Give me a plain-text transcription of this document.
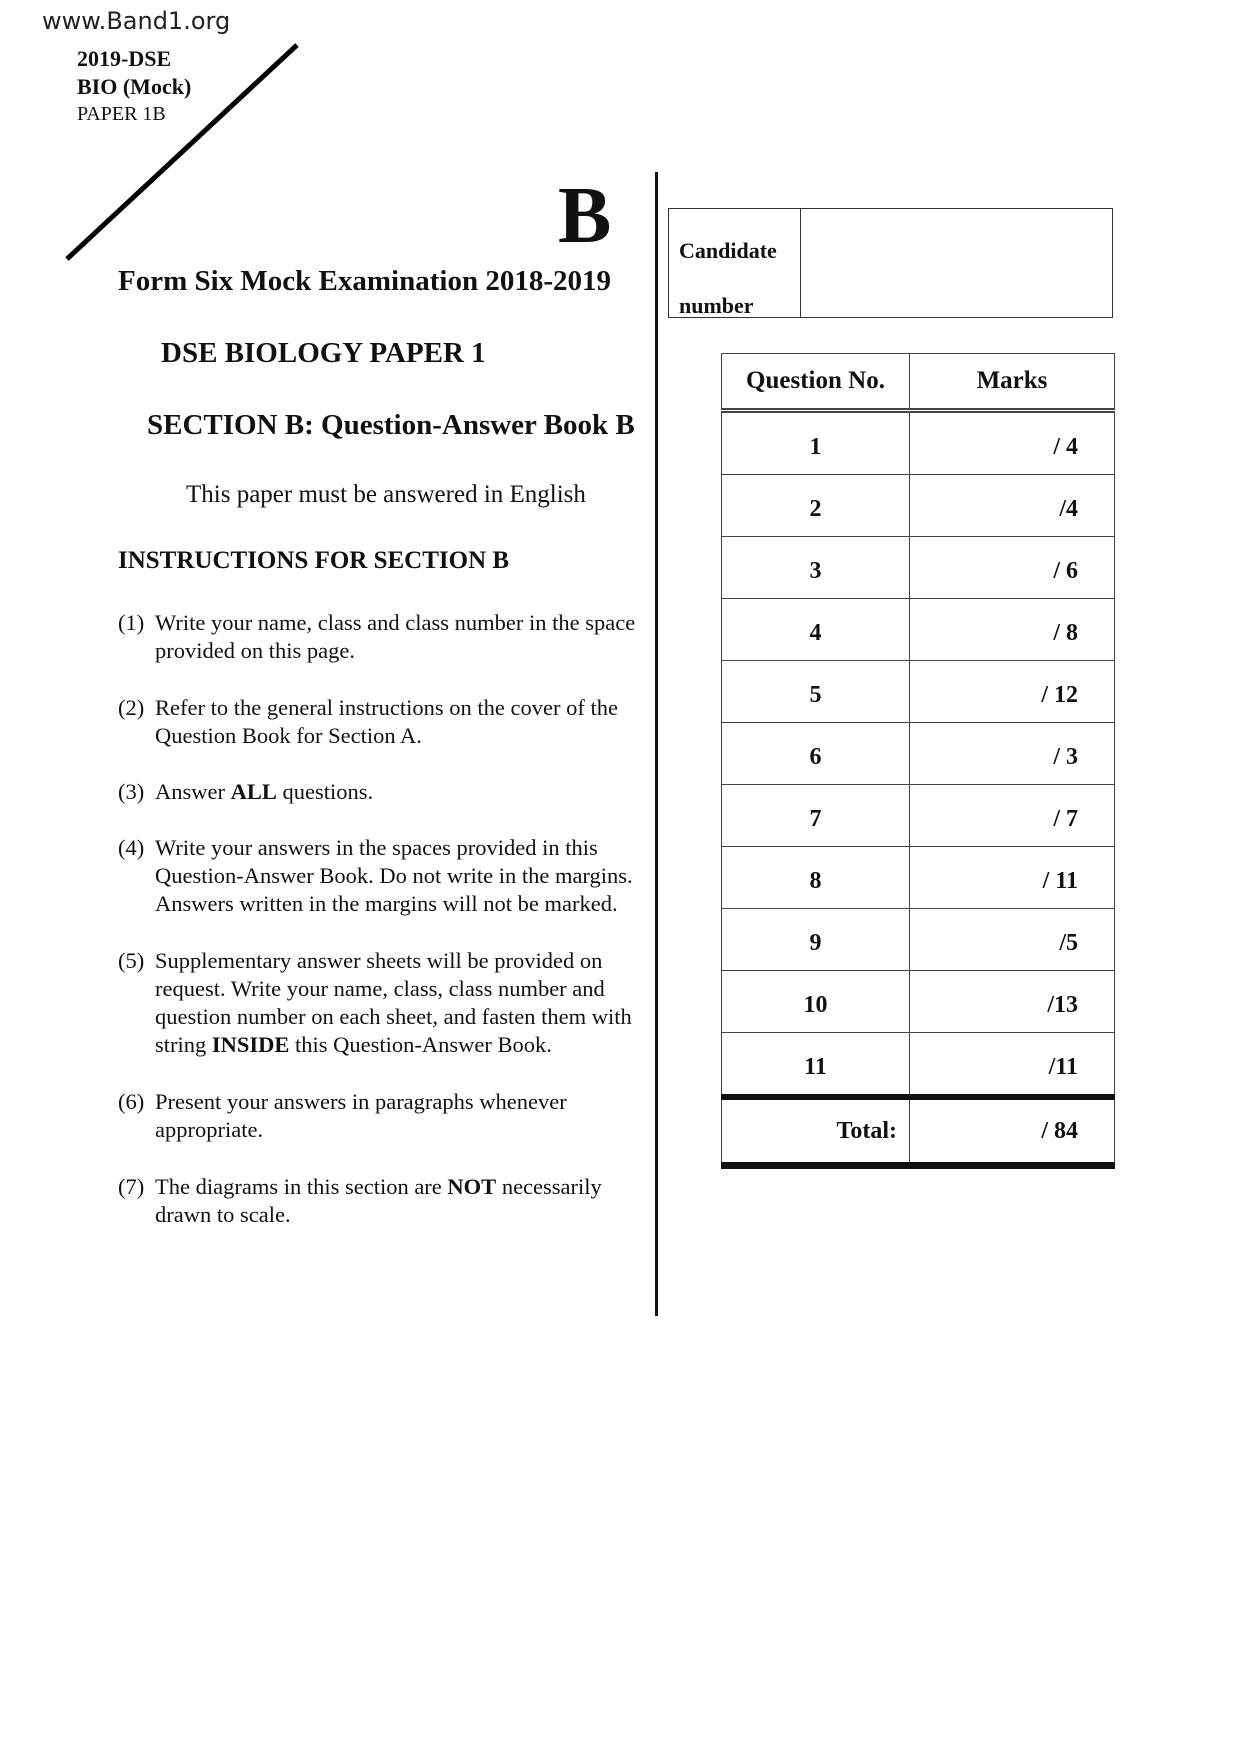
www.Band1.org
2019-DSE
BIO (Mock)
PAPER 1B
B
Form Six Mock Examination 2018-2019
DSE BIOLOGY PAPER 1
SECTION B: Question-Answer Book B
This paper must be answered in English
INSTRUCTIONS FOR SECTION B
(1) Write your name, class and class number in the space provided on this page.
(2) Refer to the general instructions on the cover of the Question Book for Section A.
(3) Answer ALL questions.
(4) Write your answers in the spaces provided in this Question-Answer Book. Do not write in the margins. Answers written in the margins will not be marked.
(5) Supplementary answer sheets will be provided on request. Write your name, class, class number and question number on each sheet, and fasten them with string INSIDE this Question-Answer Book.
(6) Present your answers in paragraphs whenever appropriate.
(7) The diagrams in this section are NOT necessarily drawn to scale.
Candidate
number
Question No.	Marks
1	/ 4
2	/4
3	/ 6
4	/ 8
5	/ 12
6	/ 3
7	/ 7
8	/ 11
9	/5
10	/13
11	/11
Total:	/ 84
